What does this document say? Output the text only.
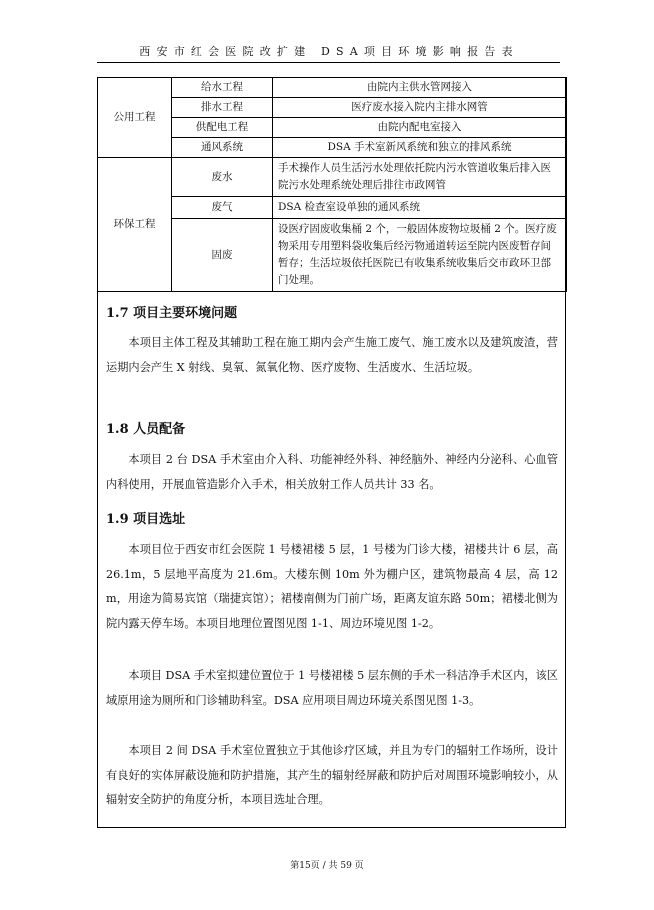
西安市红会医院改扩建 DSA项目环境影响报告表
公用工程	给水工程	由院内主供水管网接入
	排水工程	医疗废水接入院内主排水网管
	供配电工程	由院内配电室接入
	通风系统	DSA 手术室新风系统和独立的排风系统
环保工程	废水	手术操作人员生活污水处理依托院内污水管道收集后排入医院污水处理系统处理后排往市政网管
	废气	DSA 检查室设单独的通风系统
	固废	设医疗固废收集桶 2 个，一般固体废物垃圾桶 2 个。医疗废物采用专用塑料袋收集后经污物通道转运至院内医废暂存间暂存；生活垃圾依托医院已有收集系统收集后交市政环卫部门处理。
1.7 项目主要环境问题
本项目主体工程及其辅助工程在施工期内会产生施工废气、施工废水以及建筑废渣，营运期内会产生 X 射线、臭氧、氮氧化物、医疗废物、生活废水、生活垃圾。
1.8 人员配备
本项目 2 台 DSA 手术室由介入科、功能神经外科、神经脑外、神经内分泌科、心血管内科使用，开展血管造影介入手术，相关放射工作人员共计 33 名。
1.9 项目选址
本项目位于西安市红会医院 1 号楼裙楼 5 层，1 号楼为门诊大楼，裙楼共计 6 层，高 26.1m，5 层地平高度为 21.6m。大楼东侧 10m 外为棚户区，建筑物最高 4 层，高 12m，用途为简易宾馆（瑞捷宾馆）；裙楼南侧为门前广场，距离友谊东路 50m；裙楼北侧为院内露天停车场。本项目地理位置图见图 1-1、周边环境见图 1-2。
本项目 DSA 手术室拟建位置位于 1 号楼裙楼 5 层东侧的手术一科洁净手术区内，该区域原用途为厕所和门诊辅助科室。DSA 应用项目周边环境关系图见图 1-3。
本项目 2 间 DSA 手术室位置独立于其他诊疗区域，并且为专门的辐射工作场所，设计有良好的实体屏蔽设施和防护措施，其产生的辐射经屏蔽和防护后对周围环境影响较小，从辐射安全防护的角度分析，本项目选址合理。
第15页 / 共 59 页
